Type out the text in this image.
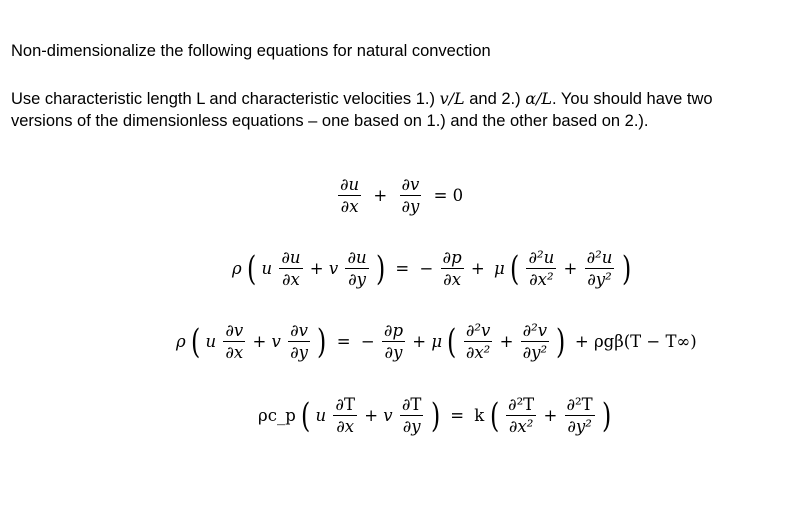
Non-dimensionalize the following equations for natural convection

Use characteristic length L and characteristic velocities 1.) v/L and 2.) α/L. You should have two
versions of the dimensionless equations – one based on 1.) and the other based on 2.).

$\frac{\partial u}{\partial x} + \frac{\partial v}{\partial y} = 0$
ρ ( u $\frac{\partial u}{\partial x} + v \frac{\partial u}{\partial y}$ ) = − $\frac{\partial p}{\partial x} + \mu$ ( $\frac{\text{∂²u}}{\text{∂x²}} + \frac{\text{∂²u}}{\text{∂y²}}$ )
ρ ( u $\frac{\partial v}{\partial x} + v \frac{\partial v}{\partial y}$ ) = − $\frac{\partial p}{\partial y} + \mu$ ( $\frac{\text{∂²v}}{\text{∂x²}} + \frac{\text{∂²v}}{\text{∂y²}}$ ) + ρgβ(T − T∞)
ρc_p ( u $\frac{\partial T}{\partial x} + v \frac{\partial T}{\partial y}$ ) = k ( $\frac{\text{∂²T}}{\text{∂x²}} + \frac{\text{∂²T}}{\text{∂y²}}$ )
